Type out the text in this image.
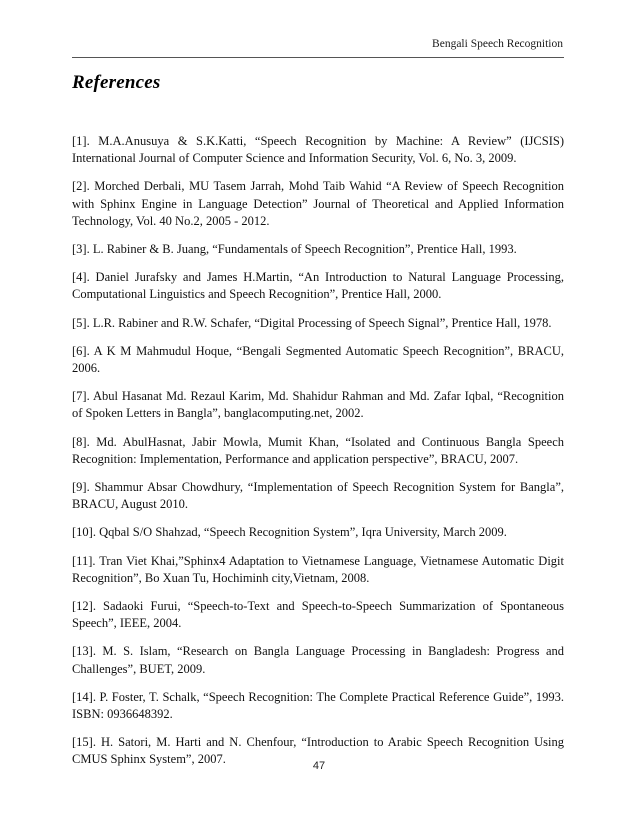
Bengali Speech Recognition
References
[1]. M.A.Anusuya & S.K.Katti, “Speech Recognition by Machine: A Review” (IJCSIS) International Journal of Computer Science and Information Security, Vol. 6, No. 3, 2009.
[2]. Morched Derbali, MU Tasem Jarrah, Mohd Taib Wahid “A Review of Speech Recognition with Sphinx Engine in Language Detection” Journal of Theoretical and Applied Information Technology, Vol. 40 No.2, 2005 - 2012.
[3]. L. Rabiner & B. Juang, “Fundamentals of Speech Recognition”, Prentice Hall, 1993.
[4]. Daniel Jurafsky and James H.Martin, “An Introduction to Natural Language Processing, Computational Linguistics and Speech Recognition”, Prentice Hall, 2000.
[5]. L.R. Rabiner and R.W. Schafer, “Digital Processing of Speech Signal”, Prentice Hall, 1978.
[6]. A K M Mahmudul Hoque, “Bengali Segmented Automatic Speech Recognition”, BRACU, 2006.
[7]. Abul Hasanat Md. Rezaul Karim, Md. Shahidur Rahman and Md. Zafar Iqbal, “Recognition of Spoken Letters in Bangla”, banglacomputing.net, 2002.
[8]. Md. AbulHasnat, Jabir Mowla, Mumit Khan, “Isolated and Continuous Bangla Speech Recognition: Implementation, Performance and application perspective”, BRACU, 2007.
[9]. Shammur Absar Chowdhury, “Implementation of Speech Recognition System for Bangla”, BRACU, August 2010.
[10]. Qqbal S/O Shahzad, “Speech Recognition System”, Iqra University, March 2009.
[11]. Tran Viet Khai,”Sphinx4 Adaptation to Vietnamese Language, Vietnamese Automatic Digit Recognition”, Bo Xuan Tu, Hochiminh city,Vietnam, 2008.
[12]. Sadaoki Furui, “Speech-to-Text and Speech-to-Speech Summarization of Spontaneous Speech”, IEEE, 2004.
[13]. M. S. Islam, “Research on Bangla Language Processing in Bangladesh: Progress and Challenges”, BUET, 2009.
[14]. P. Foster, T. Schalk, “Speech Recognition: The Complete Practical Reference Guide”, 1993. ISBN: 0936648392.
[15]. H. Satori, M. Harti and N. Chenfour, “Introduction to Arabic Speech Recognition Using CMUS Sphinx System”, 2007.	47
